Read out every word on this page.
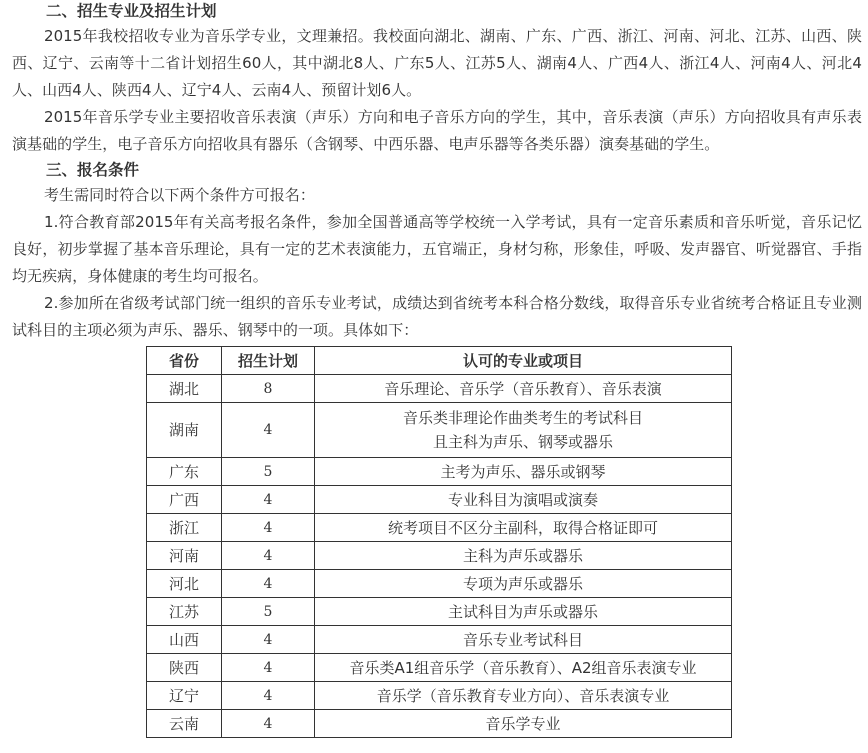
二、招生专业及招生计划

2015年我校招收专业为音乐学专业，文理兼招。我校面向湖北、湖南、广东、广西、浙江、河南、河北、江苏、山西、陕西、辽宁、云南等十二省计划招生60人，其中湖北8人、广东5人、江苏5人、湖南4人、广西4人、浙江4人、河南4人、河北4人、山西4人、陕西4人、辽宁4人、云南4人、预留计划6人。

2015年音乐学专业主要招收音乐表演（声乐）方向和电子音乐方向的学生，其中，音乐表演（声乐）方向招收具有声乐表演基础的学生，电子音乐方向招收具有器乐（含钢琴、中西乐器、电声乐器等各类乐器）演奏基础的学生。

三、报名条件

考生需同时符合以下两个条件方可报名：

1.符合教育部2015年有关高考报名条件，参加全国普通高等学校统一入学考试，具有一定音乐素质和音乐听觉，音乐记忆良好，初步掌握了基本音乐理论，具有一定的艺术表演能力，五官端正，身材匀称，形象佳，呼吸、发声器官、听觉器官、手指均无疾病，身体健康的考生均可报名。

2.参加所在省级考试部门统一组织的音乐专业考试，成绩达到省统考本科合格分数线，取得音乐专业省统考合格证且专业测试科目的主项必须为声乐、器乐、钢琴中的一项。具体如下：

省份	招生计划	认可的专业或项目
湖北	8	音乐理论、音乐学（音乐教育）、音乐表演
湖南	4	音乐类非理论作曲类考生的考试科目
且主科为声乐、钢琴或器乐

广东	5	主考为声乐、器乐或钢琴
广西	4	专业科目为演唱或演奏
浙江	4	统考项目不区分主副科，取得合格证即可
河南	4	主科为声乐或器乐
河北	4	专项为声乐或器乐
江苏	5	主试科目为声乐或器乐
山西	4	音乐专业考试科目
陕西	4	音乐类A1组音乐学（音乐教育）、A2组音乐表演专业
辽宁	4	音乐学（音乐教育专业方向）、音乐表演专业
云南	4	音乐学专业
